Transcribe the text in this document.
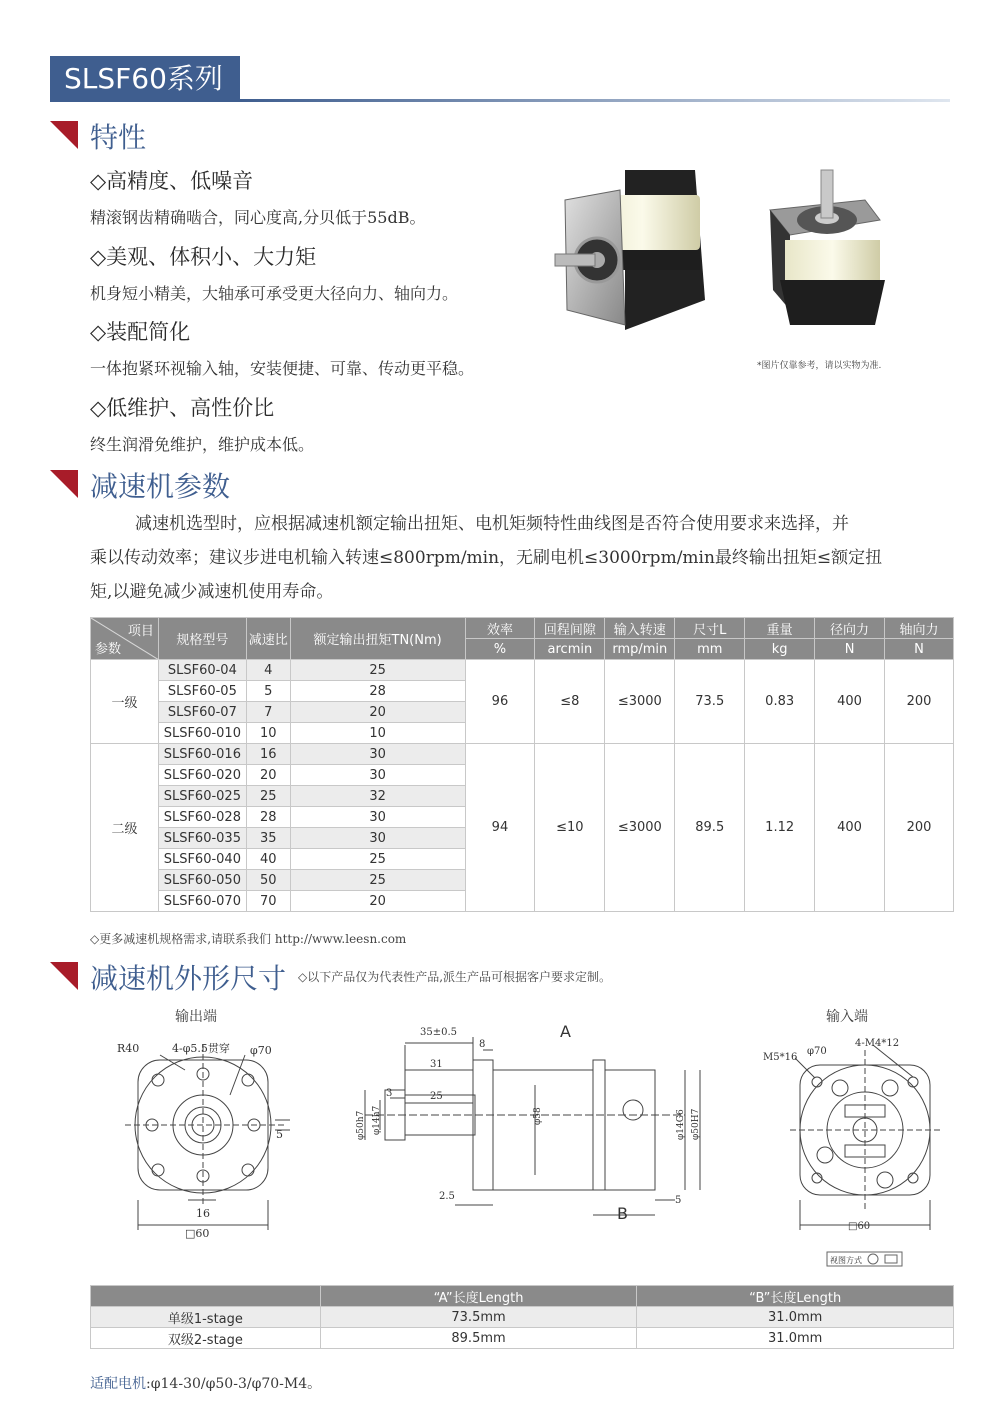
SLSF60系列
特性
◇高精度、低噪音
精滚钢齿精确啮合，同心度高,分贝低于55dB。
◇美观、体积小、大力矩
机身短小精美，大轴承可承受更大径向力、轴向力。
◇装配简化
一体抱紧环视输入轴，安装便捷、可靠、传动更平稳。
◇低维护、高性价比
终生润滑免维护，维护成本低。
*图片仅靠参考，请以实物为准.
减速机参数
减速机选型时，应根据减速机额定输出扭矩、电机矩频特性曲线图是否符合使用要求来选择，并
乘以传动效率；建议步进电机输入转速≤800rpm/min，无刷电机≤3000rpm/min最终输出扭矩≤额定扭
矩,以避免减少减速机使用寿命。
项目
参数	规格型号	减速比	额定输出扭矩TN(Nm)	效率	回程间隙	输入转速	尺寸L	重量	径向力	轴向力
				%	arcmin	rmp/min	mm	kg	N	N
一级	SLSF60-04	4	25	96	≤8	≤3000	73.5	0.83	400	200
	SLSF60-05	5	28							
	SLSF60-07	7	20							
	SLSF60-010	10	10							
二级	SLSF60-016	16	30	94	≤10	≤3000	89.5	1.12	400	200
	SLSF60-020	20	30							
	SLSF60-025	25	32							
	SLSF60-028	28	30							
	SLSF60-035	35	30							
	SLSF60-040	40	25							
	SLSF60-050	50	25							
	SLSF60-070	70	20							
◇更多减速机规格需求,请联系我们 http://www.leesn.com
减速机外形尺寸 ◇以下产品仅为代表性产品,派生产品可根据客户要求定制。
输出端	输入端
R40	4-φ5.5贯穿 φ70
5
16
□60
A
B
35±0.5
8
31
3	25
2.5	5
φ50h7 φ14h7	φ58	φ14G6 φ50H7
M5*16
φ70
4-M4*12
□60
视图方式
	“A”长度Length	“B”长度Length
单级1-stage	73.5mm	31.0mm
双级2-stage	89.5mm	31.0mm
适配电机:φ14-30/φ50-3/φ70-M4。
